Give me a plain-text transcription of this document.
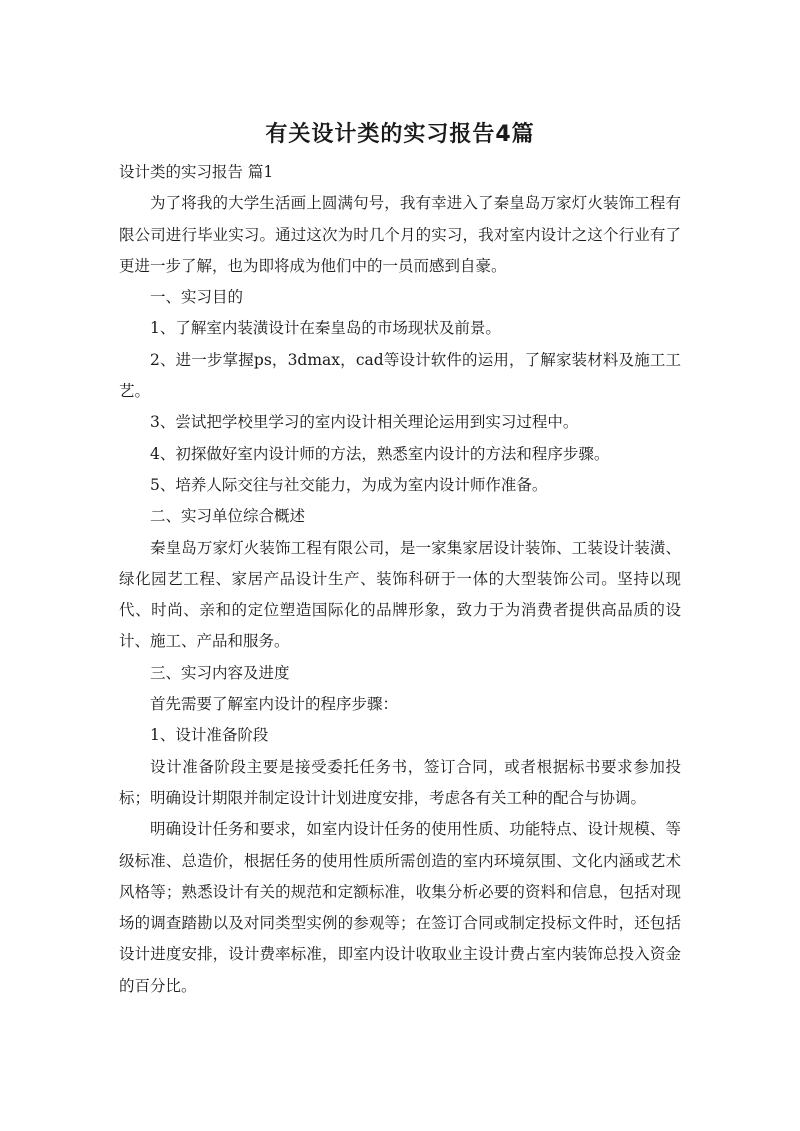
有关设计类的实习报告4篇

设计类的实习报告 篇1

为了将我的大学生活画上圆满句号，我有幸进入了秦皇岛万家灯火装饰工程有限公司进行毕业实习。通过这次为时几个月的实习，我对室内设计之这个行业有了更进一步了解，也为即将成为他们中的一员而感到自豪。

一、实习目的

1、了解室内装潢设计在秦皇岛的市场现状及前景。

2、进一步掌握ps，3dmax，cad等设计软件的运用，了解家装材料及施工工艺。

3、尝试把学校里学习的室内设计相关理论运用到实习过程中。

4、初探做好室内设计师的方法，熟悉室内设计的方法和程序步骤。

5、培养人际交往与社交能力，为成为室内设计师作准备。

二、实习单位综合概述

秦皇岛万家灯火装饰工程有限公司，是一家集家居设计装饰、工装设计装潢、绿化园艺工程、家居产品设计生产、装饰科研于一体的大型装饰公司。坚持以现代、时尚、亲和的定位塑造国际化的品牌形象，致力于为消费者提供高品质的设计、施工、产品和服务。

三、实习内容及进度

首先需要了解室内设计的程序步骤：

1、设计准备阶段

设计准备阶段主要是接受委托任务书，签订合同，或者根据标书要求参加投标；明确设计期限并制定设计计划进度安排，考虑各有关工种的配合与协调。

明确设计任务和要求，如室内设计任务的使用性质、功能特点、设计规模、等级标准、总造价，根据任务的使用性质所需创造的室内环境氛围、文化内涵或艺术风格等；熟悉设计有关的规范和定额标准，收集分析必要的资料和信息，包括对现场的调查踏勘以及对同类型实例的参观等；在签订合同或制定投标文件时，还包括设计进度安排，设计费率标准，即室内设计收取业主设计费占室内装饰总投入资金的百分比。
